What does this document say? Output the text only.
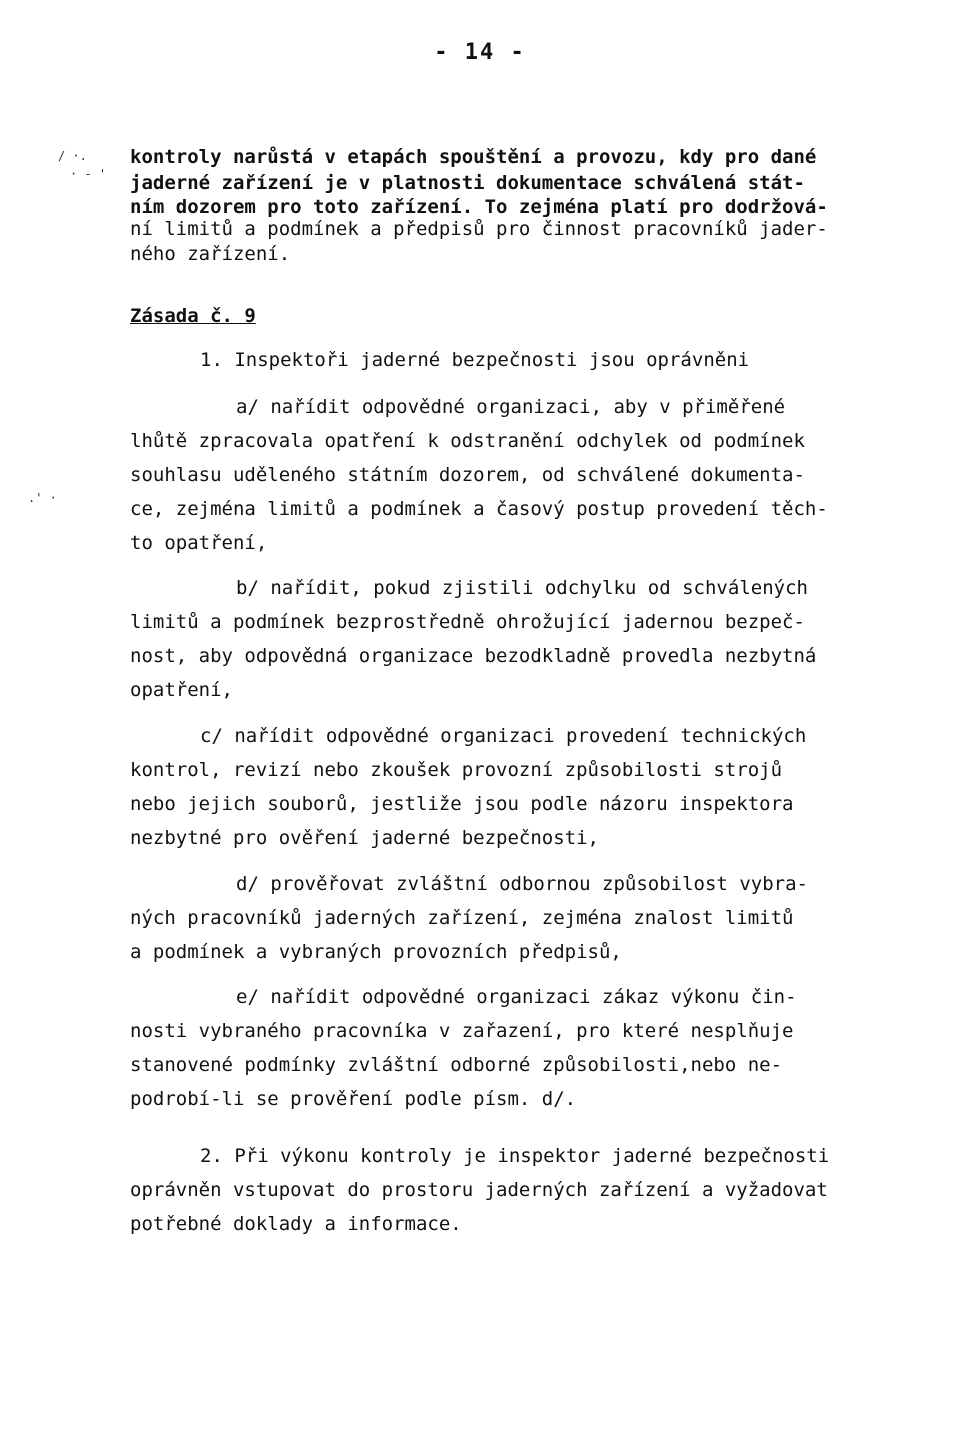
- 14 -
/ ·.
· - '
.' ·
kontroly narůstá v etapách spouštění a provozu, kdy pro dané
jaderné zařízení je v platnosti dokumentace schválená stát-
ním dozorem pro toto zařízení. To zejména platí pro dodržová-
ní limitů a podmínek a předpisů pro činnost pracovníků jader-
ného zařízení.
Zásada č. 9
1. Inspektoři jaderné bezpečnosti jsou oprávněni
a/ nařídit odpovědné organizaci, aby v přiměřené
lhůtě zpracovala opatření k odstranění odchylek od podmínek
souhlasu uděleného státním dozorem, od schválené dokumenta-
ce, zejména limitů a podmínek a časový postup provedení těch-
to opatření,
b/ nařídit, pokud zjistili odchylku od schválených
limitů a podmínek bezprostředně ohrožující jadernou bezpeč-
nost, aby odpovědná organizace bezodkladně provedla nezbytná
opatření,
c/ nařídit odpovědné organizaci provedení technických
kontrol, revizí nebo zkoušek provozní způsobilosti strojů
nebo jejich souborů, jestliže jsou podle názoru inspektora
nezbytné pro ověření jaderné bezpečnosti,
d/ prověřovat zvláštní odbornou způsobilost vybra-
ných pracovníků jaderných zařízení, zejména znalost limitů
a podmínek a vybraných provozních předpisů,
e/ nařídit odpovědné organizaci zákaz výkonu čin-
nosti vybraného pracovníka v zařazení, pro které nesplňuje
stanovené podmínky zvláštní odborné způsobilosti,nebo ne-
podrobí-li se prověření podle písm. d/.
2. Při výkonu kontroly je inspektor jaderné bezpečnosti
oprávněn vstupovat do prostoru jaderných zařízení a vyžadovat
potřebné doklady a informace.
